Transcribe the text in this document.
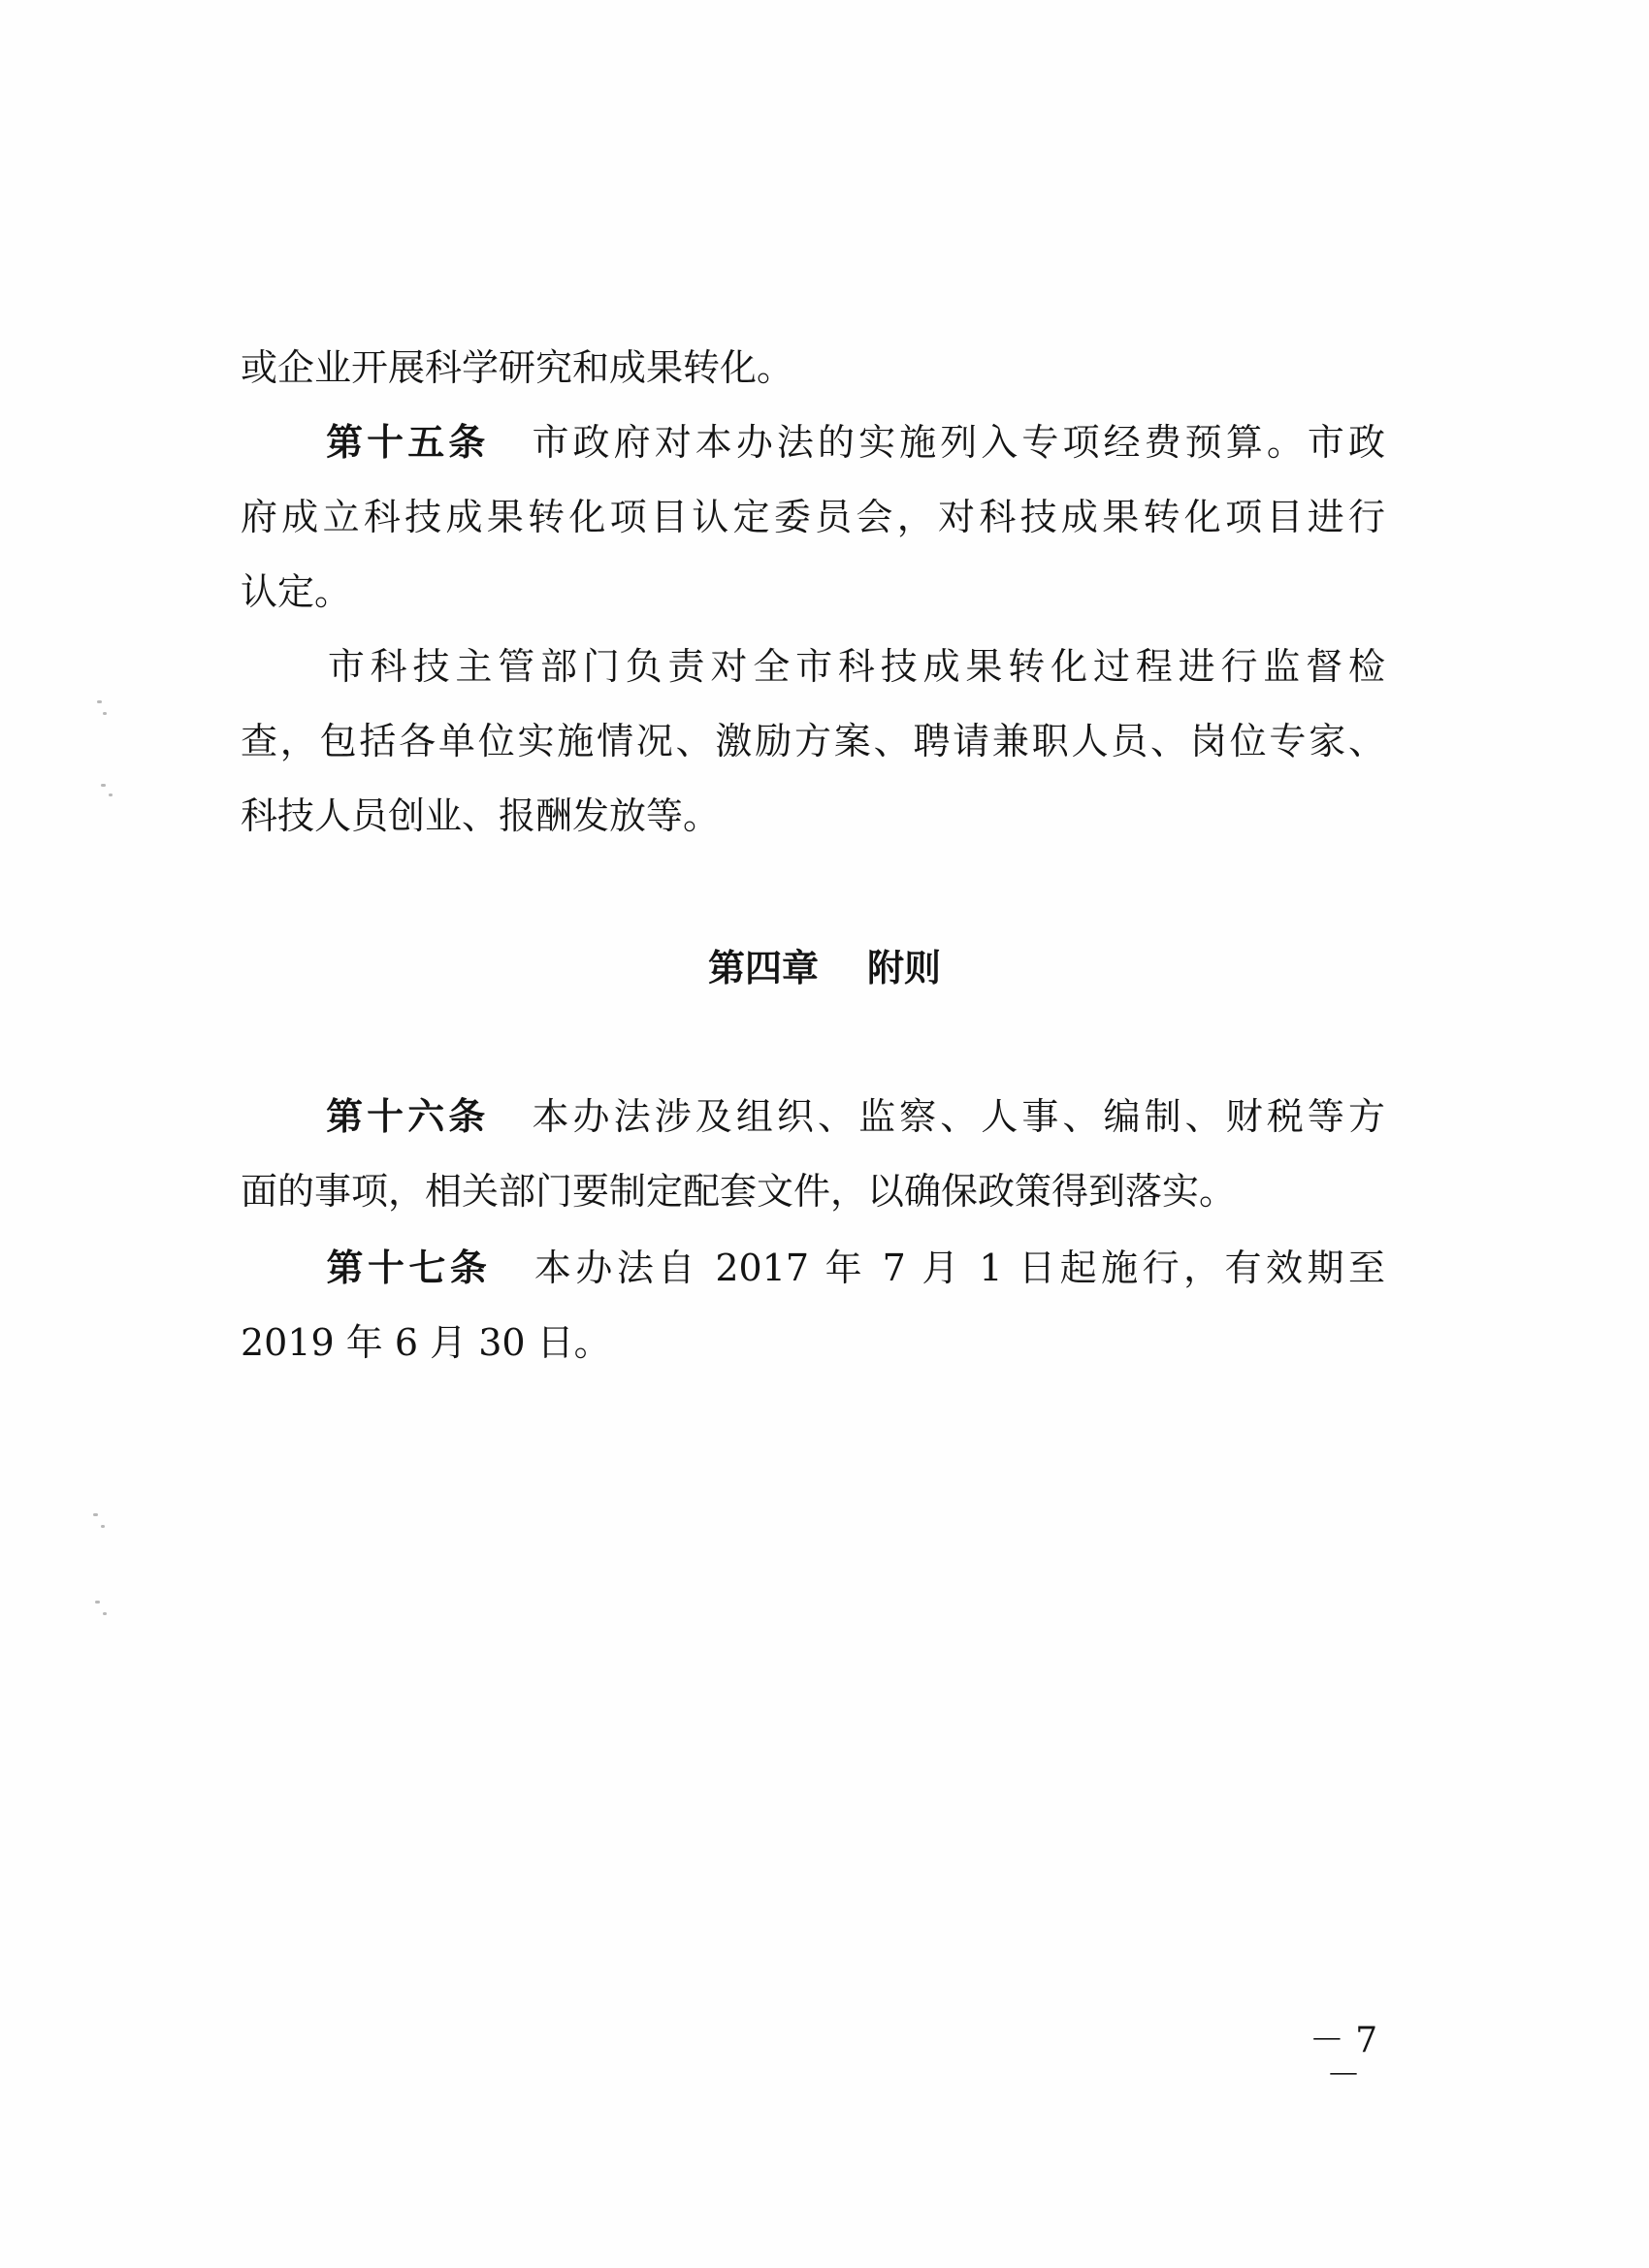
或企业开展科学研究和成果转化。
第十五条 市政府对本办法的实施列入专项经费预算。市政
府成立科技成果转化项目认定委员会，对科技成果转化项目进行
认定。
市科技主管部门负责对全市科技成果转化过程进行监督检
查，包括各单位实施情况、激励方案、聘请兼职人员、岗位专家、
科技人员创业、报酬发放等。
第四章 附则
第十六条 本办法涉及组织、监察、人事、编制、财税等方
面的事项，相关部门要制定配套文件，以确保政策得到落实。
第十七条 本办法自 2017 年 7 月 1 日起施行，有效期至
2019 年 6 月 30 日。
－ 7 －
